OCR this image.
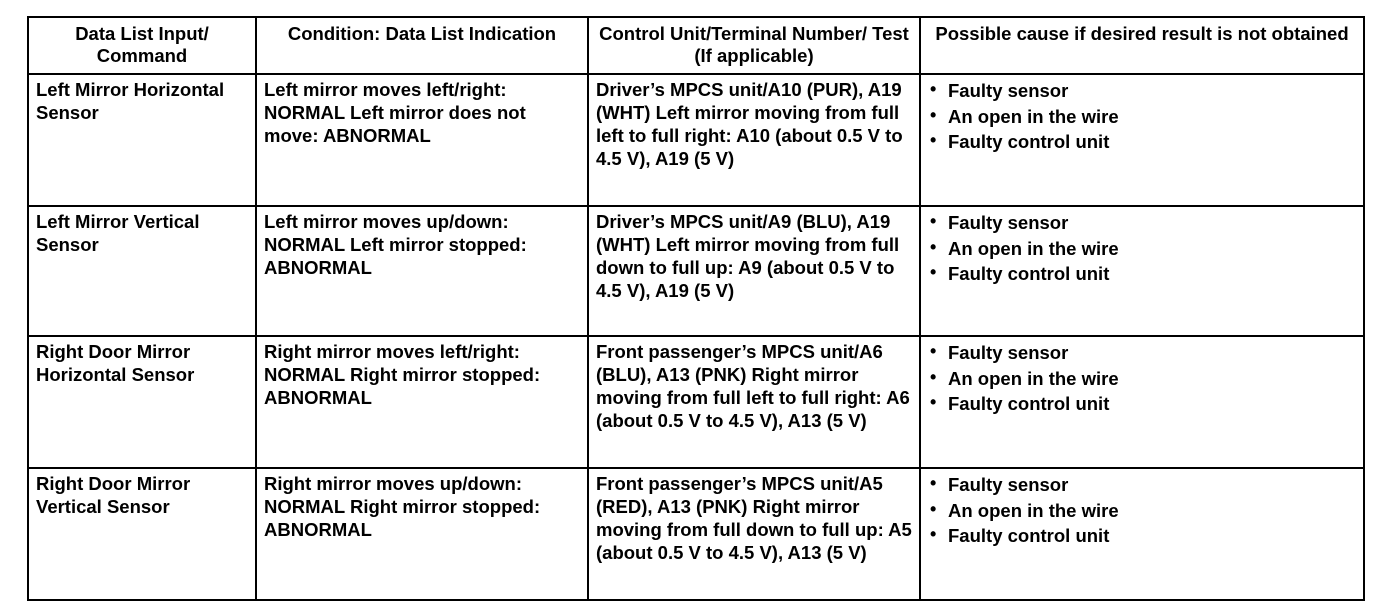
Data List Input/ Command	Condition: Data List Indication	Control Unit/Terminal Number/ Test (If applicable)	Possible cause if desired result is not obtained
Left Mirror Horizontal Sensor	Left mirror moves left/right: NORMAL Left mirror does not move: ABNORMAL	Driver’s MPCS unit/A10 (PUR), A19 (WHT) Left mirror moving from full left to full right: A10 (about 0.5 V to 4.5 V), A19 (5 V)	
• Faulty sensor
• An open in the wire
• Faulty control unit

Left Mirror Vertical Sensor	Left mirror moves up/down: NORMAL Left mirror stopped: ABNORMAL	Driver’s MPCS unit/A9 (BLU), A19 (WHT) Left mirror moving from full down to full up: A9 (about 0.5 V to 4.5 V), A19 (5 V)	
• Faulty sensor
• An open in the wire
• Faulty control unit

Right Door Mirror Horizontal Sensor	Right mirror moves left/right: NORMAL Right mirror stopped: ABNORMAL	Front passenger’s MPCS unit/A6 (BLU), A13 (PNK) Right mirror moving from full left to full right: A6 (about 0.5 V to 4.5 V), A13 (5 V)	
• Faulty sensor
• An open in the wire
• Faulty control unit

Right Door Mirror Vertical Sensor	Right mirror moves up/down: NORMAL Right mirror stopped: ABNORMAL	Front passenger’s MPCS unit/A5 (RED), A13 (PNK) Right mirror moving from full down to full up: A5 (about 0.5 V to 4.5 V), A13 (5 V)	
• Faulty sensor
• An open in the wire
• Faulty control unit
